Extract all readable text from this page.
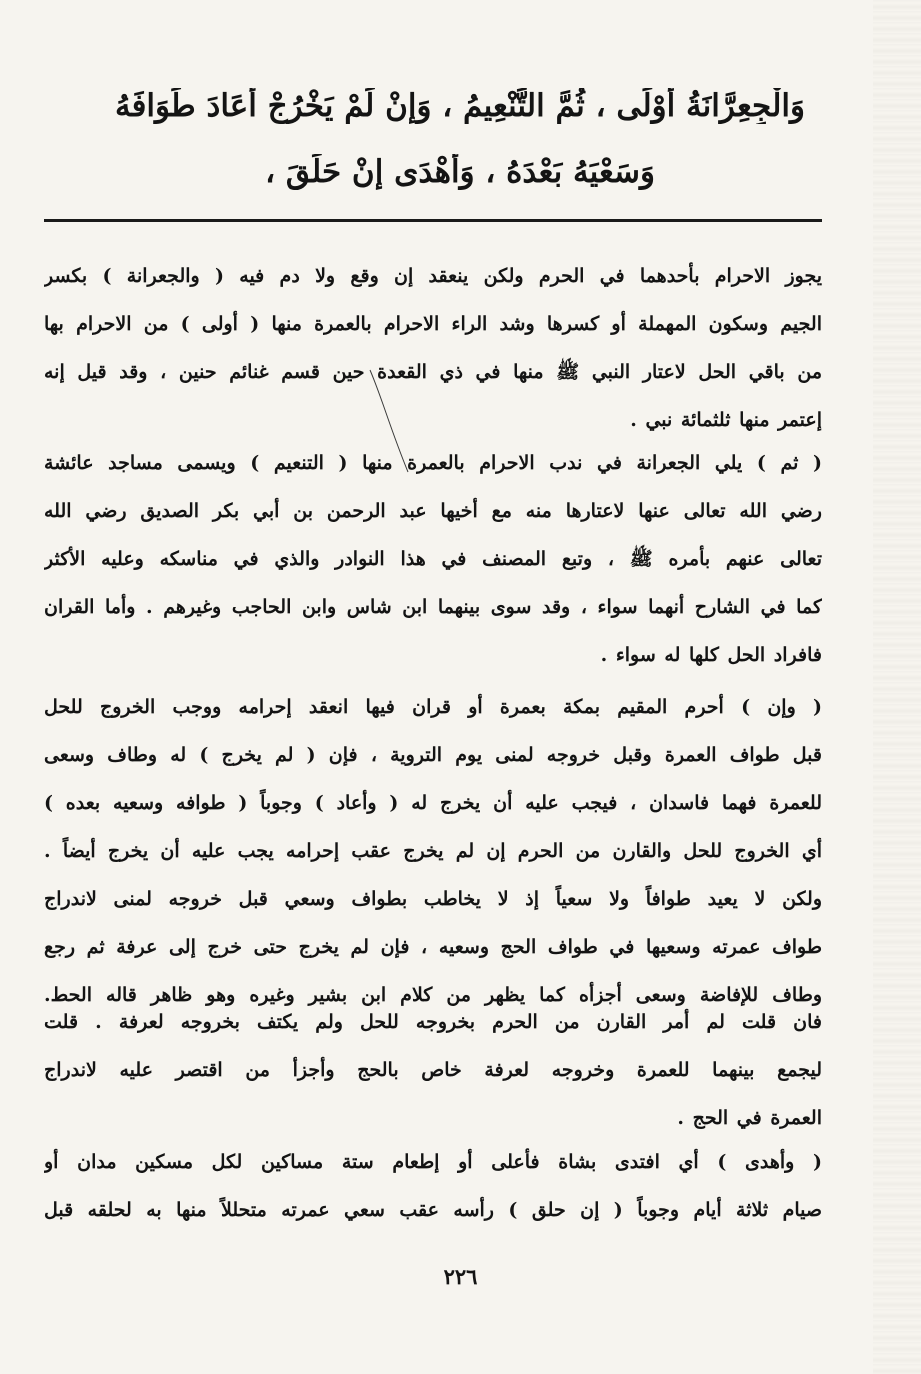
وَالْجِعِرَّانَةُ أَوْلَى ، ثُمَّ التَّنْعِيمُ ، وَإِنْ لَمْ يَخْرُجْ أَعَادَ طَوَافَهُ
وَسَعْيَهُ بَعْدَهُ ، وَأَهْدَى إِنْ حَلَقَ ،
يجوز الاحرام بأحدهما في الحرم ولكن ينعقد إن وقع ولا دم فيه ( والجعرانة ) بكسر
الجيم وسكون المهملة أو كسرها وشد الراء الاحرام بالعمرة منها ( أولى ) من الاحرام بها
من باقي الحل لاعتار النبي ﷺ منها في ذي القعدة حين قسم غنائم حنين ، وقد قيل إنه
إعتمر منها ثلثمائة نبي .
( ثم ) يلي الجعرانة في ندب الاحرام بالعمرة منها ( التنعيم ) ويسمى مساجد عائشة
رضي الله تعالى عنها لاعتارها منه مع أخيها عبد الرحمن بن أبي بكر الصديق رضي الله
تعالى عنهم بأمره ﷺ ، وتبع المصنف في هذا النوادر والذي في مناسكه وعليه الأكثر
كما في الشارح أنهما سواء ، وقد سوى بينهما ابن شاس وابن الحاجب وغيرهم . وأما القران
فافراد الحل كلها له سواء .
( وإن ) أحرم المقيم بمكة بعمرة أو قران فيها انعقد إحرامه ووجب الخروج للحل
قبل طواف العمرة وقبل خروجه لمنى يوم التروية ، فإن ( لم يخرج ) له وطاف وسعى
للعمرة فهما فاسدان ، فيجب عليه أن يخرج له ( وأعاد ) وجوباً ( طوافه وسعيه بعده )
أي الخروج للحل والقارن من الحرم إن لم يخرج عقب إحرامه يجب عليه أن يخرج أيضاً .
ولكن لا يعيد طوافاً ولا سعياً إذ لا يخاطب بطواف وسعي قبل خروجه لمنى لاندراج
طواف عمرته وسعيها في طواف الحج وسعيه ، فإن لم يخرج حتى خرج إلى عرفة ثم رجع
وطاف للإفاضة وسعى أجزأه كما يظهر من كلام ابن بشير وغيره وهو ظاهر قاله الحط.
فان قلت لم أمر القارن من الحرم بخروجه للحل ولم يكتف بخروجه لعرفة . قلت
ليجمع بينهما للعمرة وخروجه لعرفة خاص بالحج وأجزأ من اقتصر عليه لاندراج
العمرة في الحج .
( وأهدى ) أي افتدى بشاة فأعلى أو إطعام ستة مساكين لكل مسكين مدان أو
صيام ثلاثة أيام وجوباً ( إن حلق ) رأسه عقب سعي عمرته متحللاً منها به لحلقه قبل
٢٢٦
